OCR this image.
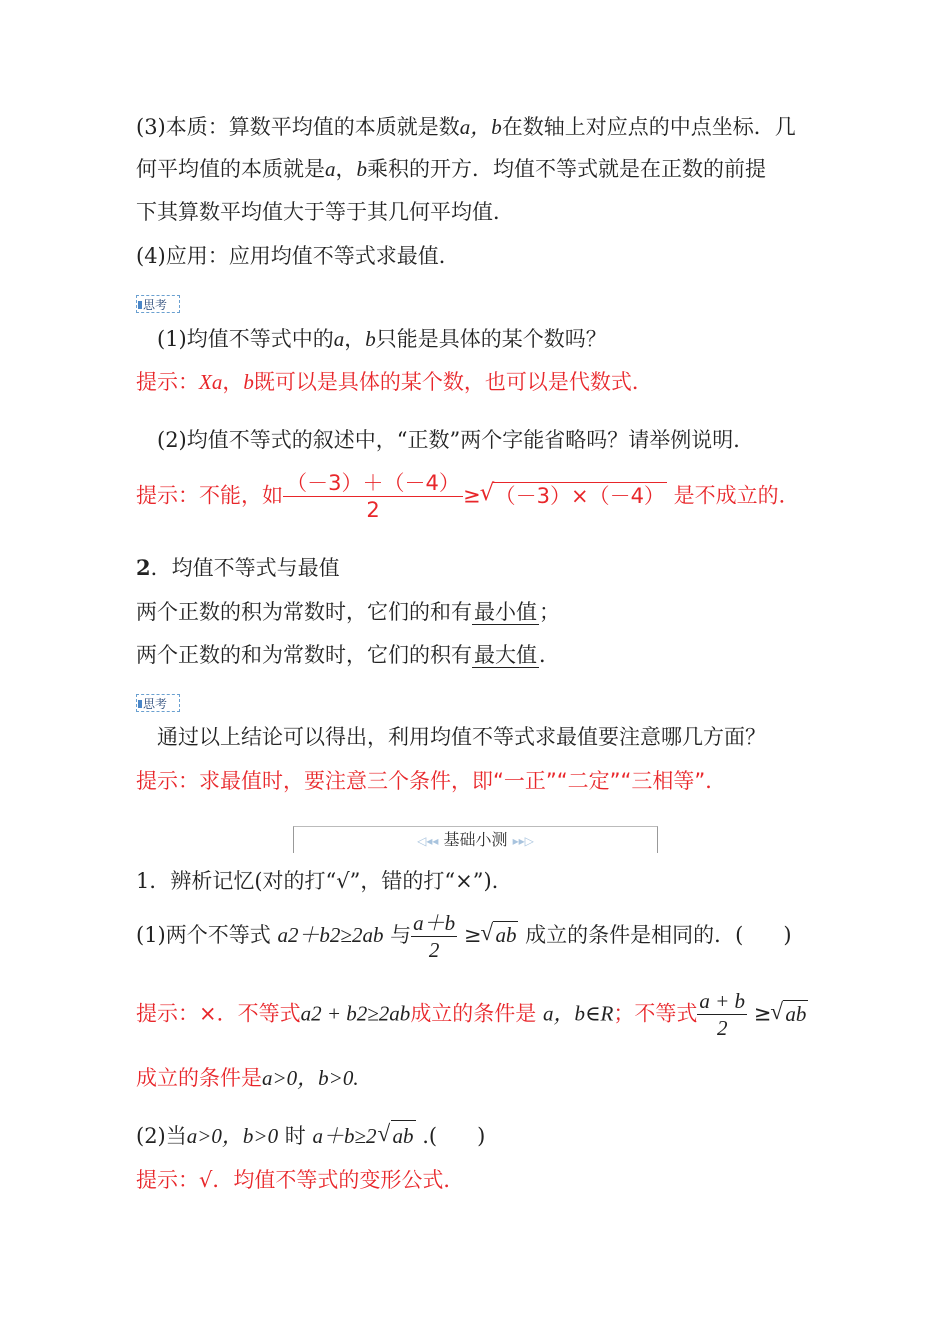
(3)本质：算数平均值的本质就是数a，b在数轴上对应点的中点坐标．几
何平均值的本质就是a，b乘积的开方．均值不等式就是在正数的前提
下其算数平均值大于等于其几何平均值．
(4)应用：应用均值不等式求最值．
思考
(1)均值不等式中的a，b只能是具体的某个数吗？
提示：Xa，b既可以是具体的某个数，也可以是代数式．
(2)均值不等式的叙述中，“正数”两个字能省略吗？请举例说明．
提示：不能，如 $\frac{(-3)+(-4)}{2}$ ≥ √ （－3）×（－4） 是不成立的．
2．均值不等式与最值
两个正数的积为常数时，它们的和有最小值；
两个正数的和为常数时，它们的积有最大值．
思考
通过以上结论可以得出，利用均值不等式求最值要注意哪几方面？
提示：求最值时，要注意三个条件，即“一正”“二定”“三相等”．
◁◂◂ 基础小测 ▸▸▷
1．辨析记忆(对的打“√”，错的打“×”).
(1)两个不等式 a2＋b2≥2ab 与 $\frac{a+b}{2}$ ≥ √ ab 成立的条件是相同的．( )
提示：×．不等式a2 + b2≥2ab成立的条件是 a，b∈R；不等式 $\frac{a + b}{2}$ ≥ √ ab
成立的条件是a>0，b>0.
(2)当a>0，b>0 时 a＋b≥2 √ ab .( )
提示：√．均值不等式的变形公式．
